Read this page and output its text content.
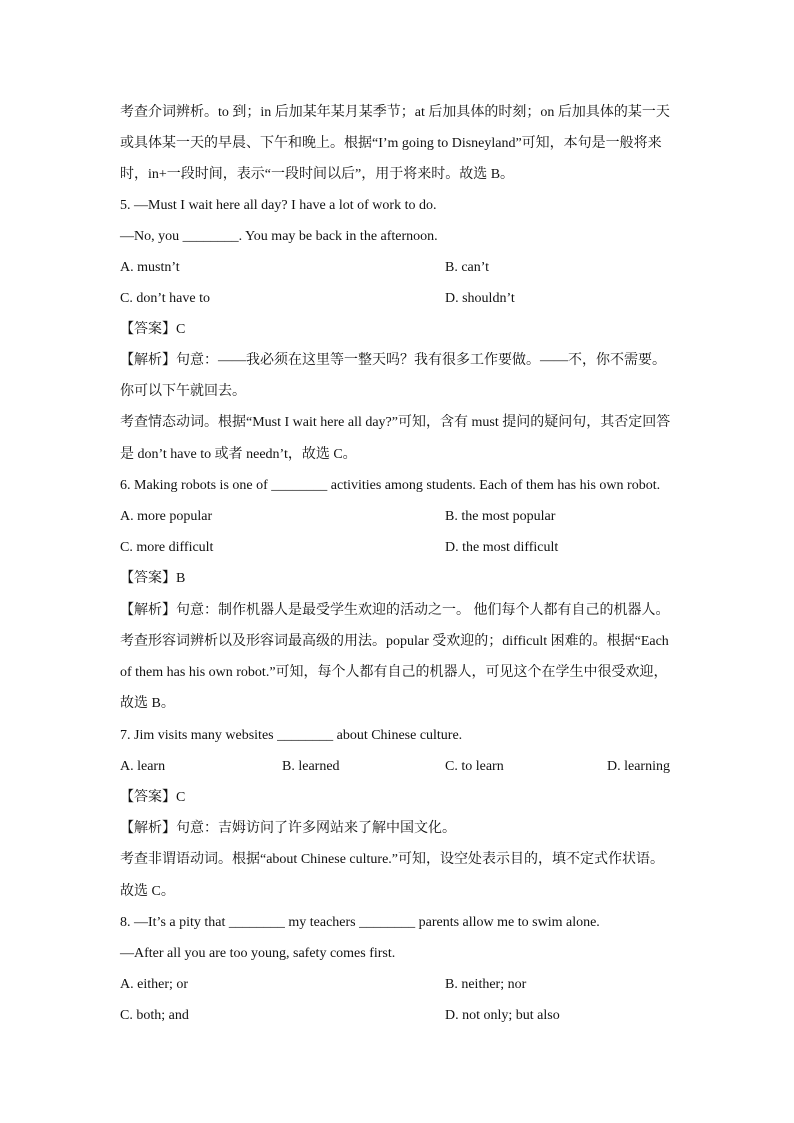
考查介词辨析。to 到；in 后加某年某月某季节；at 后加具体的时刻；on 后加具体的某一天
或具体某一天的早晨、下午和晚上。根据“I’m going to Disneyland”可知，本句是一般将来
时，in+一段时间，表示“一段时间以后”，用于将来时。故选 B。
5. —Must I wait here all day? I have a lot of work to do.
—No, you ________. You may be back in the afternoon.
A. mustn’t	B. can’t
C. don’t have to	D. shouldn’t
【答案】C
【解析】句意：——我必须在这里等一整天吗？我有很多工作要做。——不，你不需要。
你可以下午就回去。
考查情态动词。根据“Must I wait here all day?”可知，含有 must 提问的疑问句，其否定回答
是 don’t have to 或者 needn’t，故选 C。
6. Making robots is one of ________ activities among students. Each of them has his own robot.
A. more popular	B. the most popular
C. more difficult	D. the most difficult
【答案】B
【解析】句意：制作机器人是最受学生欢迎的活动之一。 他们每个人都有自己的机器人。
考查形容词辨析以及形容词最高级的用法。popular 受欢迎的；difficult 困难的。根据“Each
of them has his own robot.”可知，每个人都有自己的机器人，可见这个在学生中很受欢迎，
故选 B。
7. Jim visits many websites ________ about Chinese culture.
A. learn	B. learned	C. to learn	D. learning
【答案】C
【解析】句意：吉姆访问了许多网站来了解中国文化。
考查非谓语动词。根据“about Chinese culture.”可知，设空处表示目的，填不定式作状语。
故选 C。
8. —It’s a pity that ________ my teachers ________ parents allow me to swim alone.
—After all you are too young, safety comes first.
A. either; or	B. neither; nor
C. both; and	D. not only; but also
